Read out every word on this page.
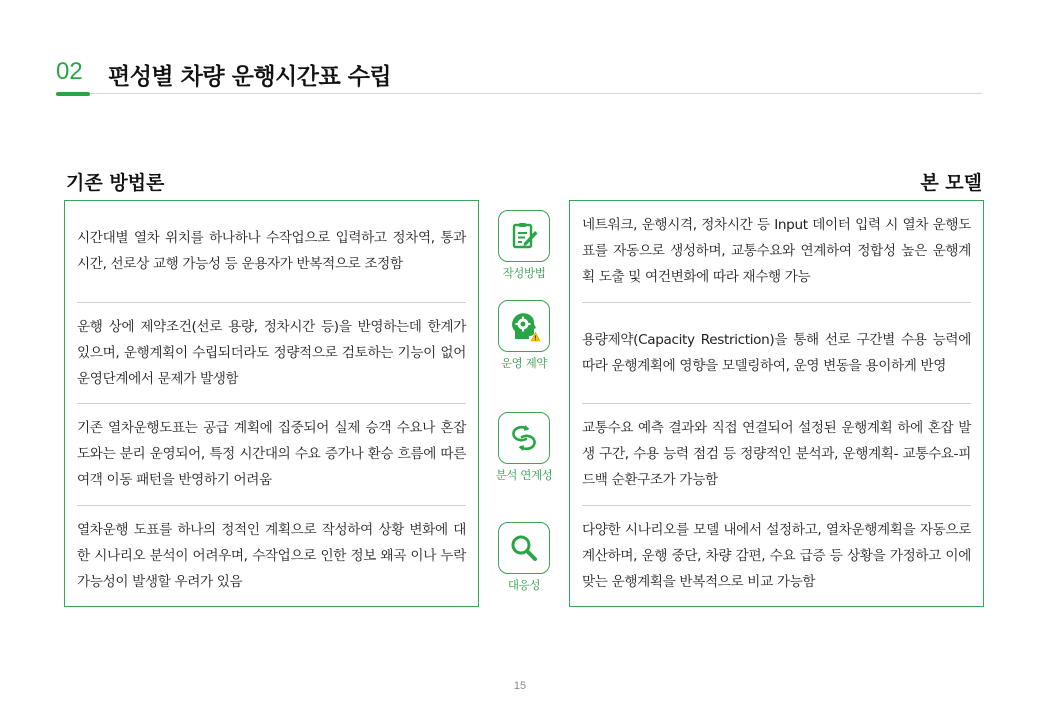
02 편성별 차량 운행시간표 수립
기존 방법론	본 모델

시간대별 열차 위치를 하나하나 수작업으로 입력하고 정차역, 통과시간, 선로상 교행 가능성 등 운용자가 반복적으로 조정함

운행 상에 제약조건(선로 용량, 정차시간 등)을 반영하는데 한계가 있으며, 운행계획이 수립되더라도 정량적으로 검토하는 기능이 없어 운영단계에서 문제가 발생함

기존 열차운행도표는 공급 계획에 집중되어 실제 승객 수요나 혼잡도와는 분리 운영되어, 특정 시간대의 수요 증가나 환승 흐름에 따른 여객 이동 패턴을 반영하기 어려움

열차운행 도표를 하나의 정적인 계획으로 작성하여 상황 변화에 대한 시나리오 분석이 어려우며, 수작업으로 인한 정보 왜곡 이나 누락 가능성이 발생할 우려가 있음

작성방법
운영 제약
분석 연계성
대응성

네트워크, 운행시격, 정차시간 등 Input 데이터 입력 시 열차 운행도표를 자동으로 생성하며, 교통수요와 연계하여 정합성 높은 운행계획 도출 및 여건변화에 따라 재수행 가능

용량제약(Capacity Restriction)을 통해 선로 구간별 수용 능력에 따라 운행계획에 영향을 모델링하여, 운영 변동을 용이하게 반영

교통수요 예측 결과와 직접 연결되어 설정된 운행계획 하에 혼잡 발생 구간, 수용 능력 점검 등 정량적인 분석과, 운행계획- 교통수요-피드백 순환구조가 가능함

다양한 시나리오를 모델 내에서 설정하고, 열차운행계획을 자동으로 계산하며, 운행 중단, 차량 감편, 수요 급증 등 상황을 가정하고 이에 맞는 운행계획을 반복적으로 비교 가능함

15
